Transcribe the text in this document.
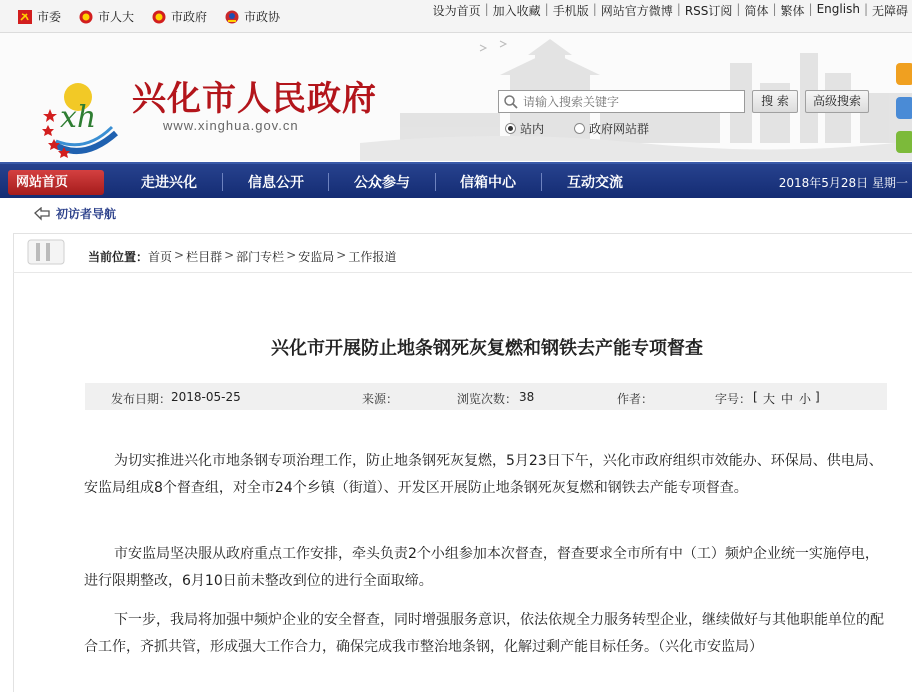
市委	市人大	市政府	市政协	设为首页 | 加入收藏 | 手机版 | 网站官方微博 | RSS订阅 | 简体 | 繁体 | English | 无障碍
xh 兴化市人民政府
www.xinghua.gov.cn
请输入搜索关键字
搜 索	高级搜索
站内	政府网站群
网站首页	走进兴化	信息公开	公众参与	信箱中心	互动交流	2018年5月28日 星期一
初访者导航
当前位置： 首页 > 栏目群 > 部门专栏 > 安监局 > 工作报道
兴化市开展防止地条钢死灰复燃和钢铁去产能专项督查
发布日期： 2018-05-25	来源：	浏览次数： 38	作者：	字号： [ 大 中 小 ]
为切实推进兴化市地条钢专项治理工作，防止地条钢死灰复燃，5月23日下午，兴化市政府组织市效能办、环保局、供电局、安监局组成8个督查组，对全市24个乡镇（街道）、开发区开展防止地条钢死灰复燃和钢铁去产能专项督查。
市安监局坚决服从政府重点工作安排，牵头负责2个小组参加本次督查，督查要求全市所有中（工）频炉企业统一实施停电，进行限期整改，6月10日前未整改到位的进行全面取缔。
下一步，我局将加强中频炉企业的安全督查，同时增强服务意识，依法依规全力服务转型企业，继续做好与其他职能单位的配合工作，齐抓共管，形成强大工作合力，确保完成我市整治地条钢，化解过剩产能目标任务。（兴化市安监局）
